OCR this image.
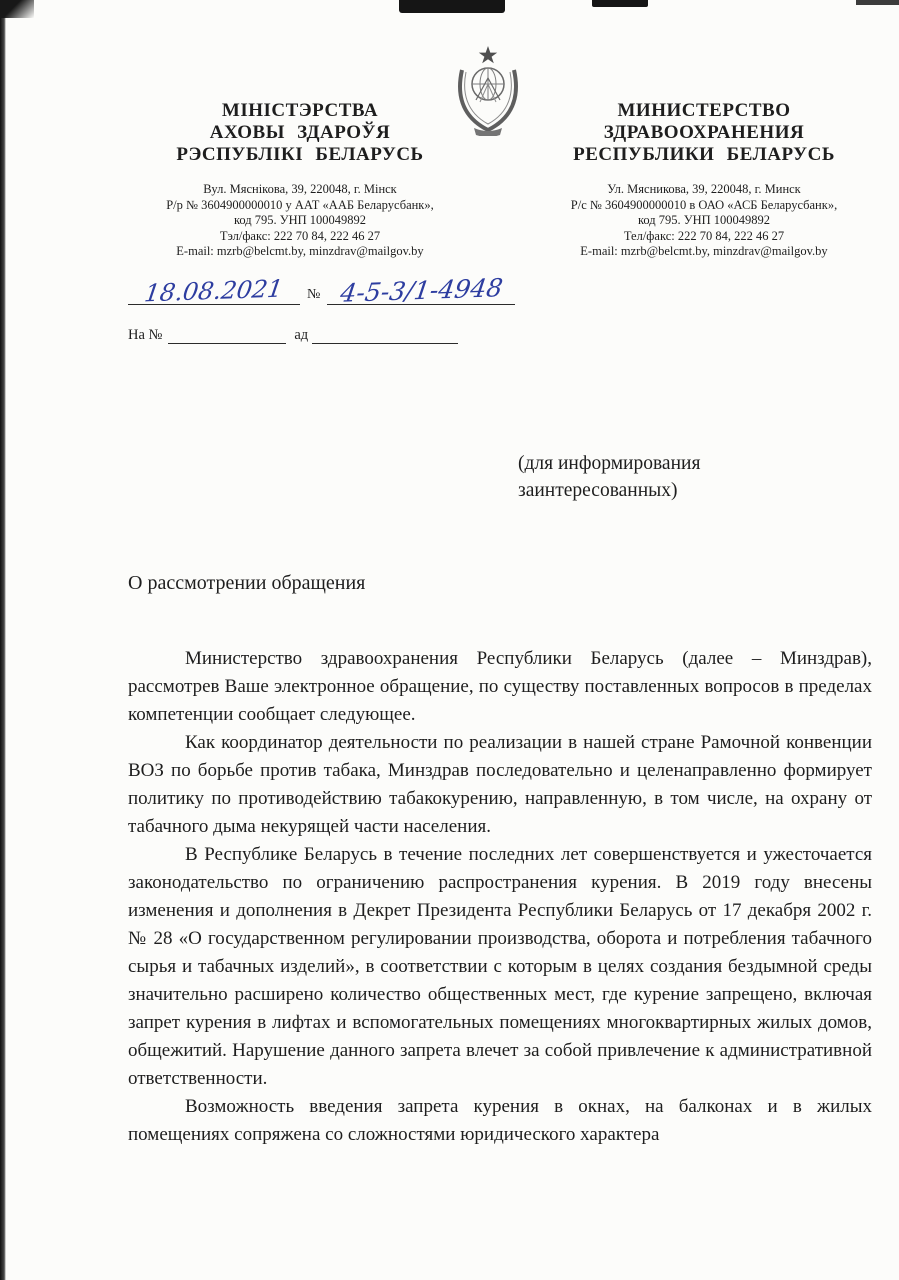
МІНІСТЭРСТВА
АХОВЫ ЗДАРОЎЯ
РЭСПУБЛІКІ БЕЛАРУСЬ
Вул. Мяснікова, 39, 220048, г. Мінск
Р/р № 3604900000010 у ААТ «ААБ Беларусбанк»,
код 795. УНП 100049892
Тэл/факс: 222 70 84, 222 46 27
E-mail: mzrb@belcmt.by, minzdrav@mailgov.by
МИНИСТЕРСТВО
ЗДРАВООХРАНЕНИЯ
РЕСПУБЛИКИ БЕЛАРУСЬ
Ул. Мясникова, 39, 220048, г. Минск
Р/с № 3604900000010 в ОАО «АСБ Беларусбанк»,
код 795. УНП 100049892
Тел/факс: 222 70 84, 222 46 27
E-mail: mzrb@belcmt.by, minzdrav@mailgov.by
18.08.2021	№ 4-5-3/1-4948
На №	ад
(для информирования заинтересованных)
О рассмотрении обращения

Министерство здравоохранения Республики Беларусь (далее – Минздрав), рассмотрев Ваше электронное обращение, по существу поставленных вопросов в пределах компетенции сообщает следующее.

Как координатор деятельности по реализации в нашей стране Рамочной конвенции ВОЗ по борьбе против табака, Минздрав последовательно и целенаправленно формирует политику по противодействию табакокурению, направленную, в том числе, на охрану от табачного дыма некурящей части населения.

В Республике Беларусь в течение последних лет совершенствуется и ужесточается законодательство по ограничению распространения курения. В 2019 году внесены изменения и дополнения в Декрет Президента Республики Беларусь от 17 декабря 2002 г. № 28 «О государственном регулировании производства, оборота и потребления табачного сырья и табачных изделий», в соответствии с которым в целях создания бездымной среды значительно расширено количество общественных мест, где курение запрещено, включая запрет курения в лифтах и вспомогательных помещениях многоквартирных жилых домов, общежитий. Нарушение данного запрета влечет за собой привлечение к административной ответственности.

Возможность введения запрета курения в окнах, на балконах и в жилых помещениях сопряжена со сложностями юридического характера
